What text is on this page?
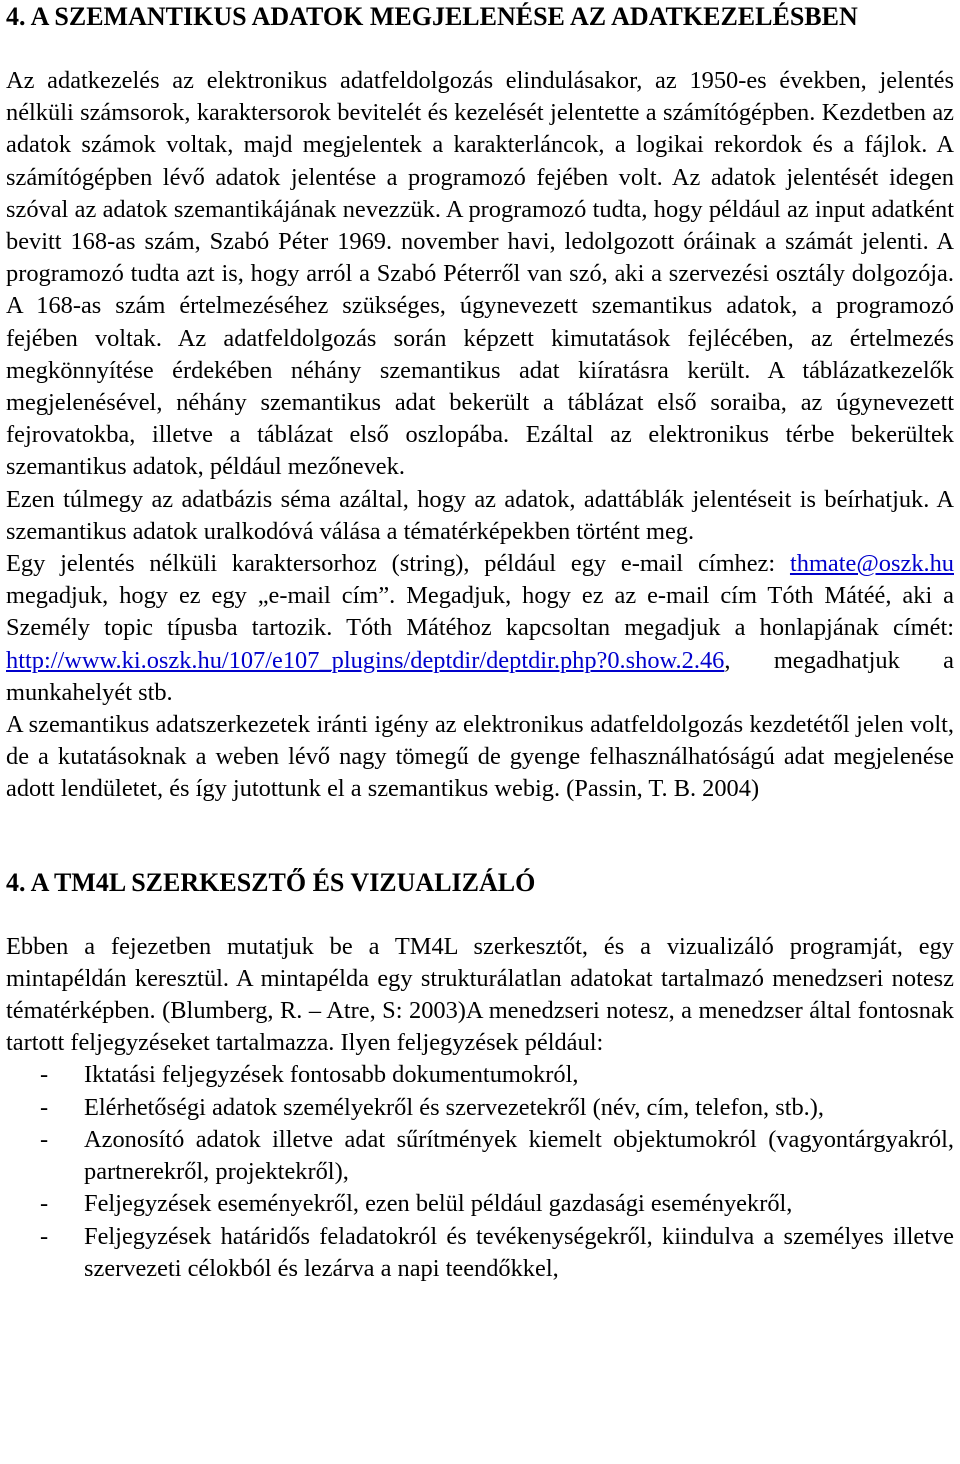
4. A SZEMANTIKUS ADATOK MEGJELENÉSE AZ ADATKEZELÉSBEN

Az adatkezelés az elektronikus adatfeldolgozás elindulásakor, az 1950-es években, jelentés nélküli számsorok, karaktersorok bevitelét és kezelését jelentette a számítógépben. Kezdetben az adatok számok voltak, majd megjelentek a karakterláncok, a logikai rekordok és a fájlok. A számítógépben lévő adatok jelentése a programozó fejében volt. Az adatok jelentését idegen szóval az adatok szemantikájának nevezzük. A programozó tudta, hogy például az input adatként bevitt 168-as szám, Szabó Péter 1969. november havi, ledolgozott óráinak a számát jelenti. A programozó tudta azt is, hogy arról a Szabó Péterről van szó, aki a szervezési osztály dolgozója. A 168-as szám értelmezéséhez szükséges, úgynevezett szemantikus adatok, a programozó fejében voltak. Az adatfeldolgozás során képzett kimutatások fejlécében, az értelmezés megkönnyítése érdekében néhány szemantikus adat kiíratásra került. A táblázatkezelők megjelenésével, néhány szemantikus adat bekerült a táblázat első soraiba, az úgynevezett fejrovatokba, illetve a táblázat első oszlopába. Ezáltal az elektronikus térbe bekerültek szemantikus adatok, például mezőnevek.

Ezen túlmegy az adatbázis séma azáltal, hogy az adatok, adattáblák jelentéseit is beírhatjuk. A szemantikus adatok uralkodóvá válása a tématérképekben történt meg.

Egy jelentés nélküli karaktersorhoz (string), például egy e-mail címhez: thmate@oszk.hu megadjuk, hogy ez egy „e-mail cím”. Megadjuk, hogy ez az e-mail cím Tóth Mátéé, aki a Személy topic típusba tartozik. Tóth Mátéhoz kapcsoltan megadjuk a honlapjának címét: http://www.ki.oszk.hu/107/e107_plugins/deptdir/deptdir.php?0.show.2.46, megadhatjuk a munkahelyét stb.

A szemantikus adatszerkezetek iránti igény az elektronikus adatfeldolgozás kezdetétől jelen volt, de a kutatásoknak a weben lévő nagy tömegű de gyenge felhasználhatóságú adat megjelenése adott lendületet, és így jutottunk el a szemantikus webig. (Passin, T. B. 2004)

4. A TM4L SZERKESZTŐ ÉS VIZUALIZÁLÓ

Ebben a fejezetben mutatjuk be a TM4L szerkesztőt, és a vizualizáló programját, egy mintapéldán keresztül. A mintapélda egy strukturálatlan adatokat tartalmazó menedzseri notesz tématérképben. (Blumberg, R. – Atre, S: 2003)A menedzseri notesz, a menedzser által fontosnak tartott feljegyzéseket tartalmazza. Ilyen feljegyzések például:

- Iktatási feljegyzések fontosabb dokumentumokról,
- Elérhetőségi adatok személyekről és szervezetekről (név, cím, telefon, stb.),
- Azonosító adatok illetve adat sűrítmények kiemelt objektumokról (vagyontárgyakról, partnerekről, projektekről),
- Feljegyzések eseményekről, ezen belül például gazdasági eseményekről,
- Feljegyzések határidős feladatokról és tevékenységekről, kiindulva a személyes illetve szervezeti célokból és lezárva a napi teendőkkel,
